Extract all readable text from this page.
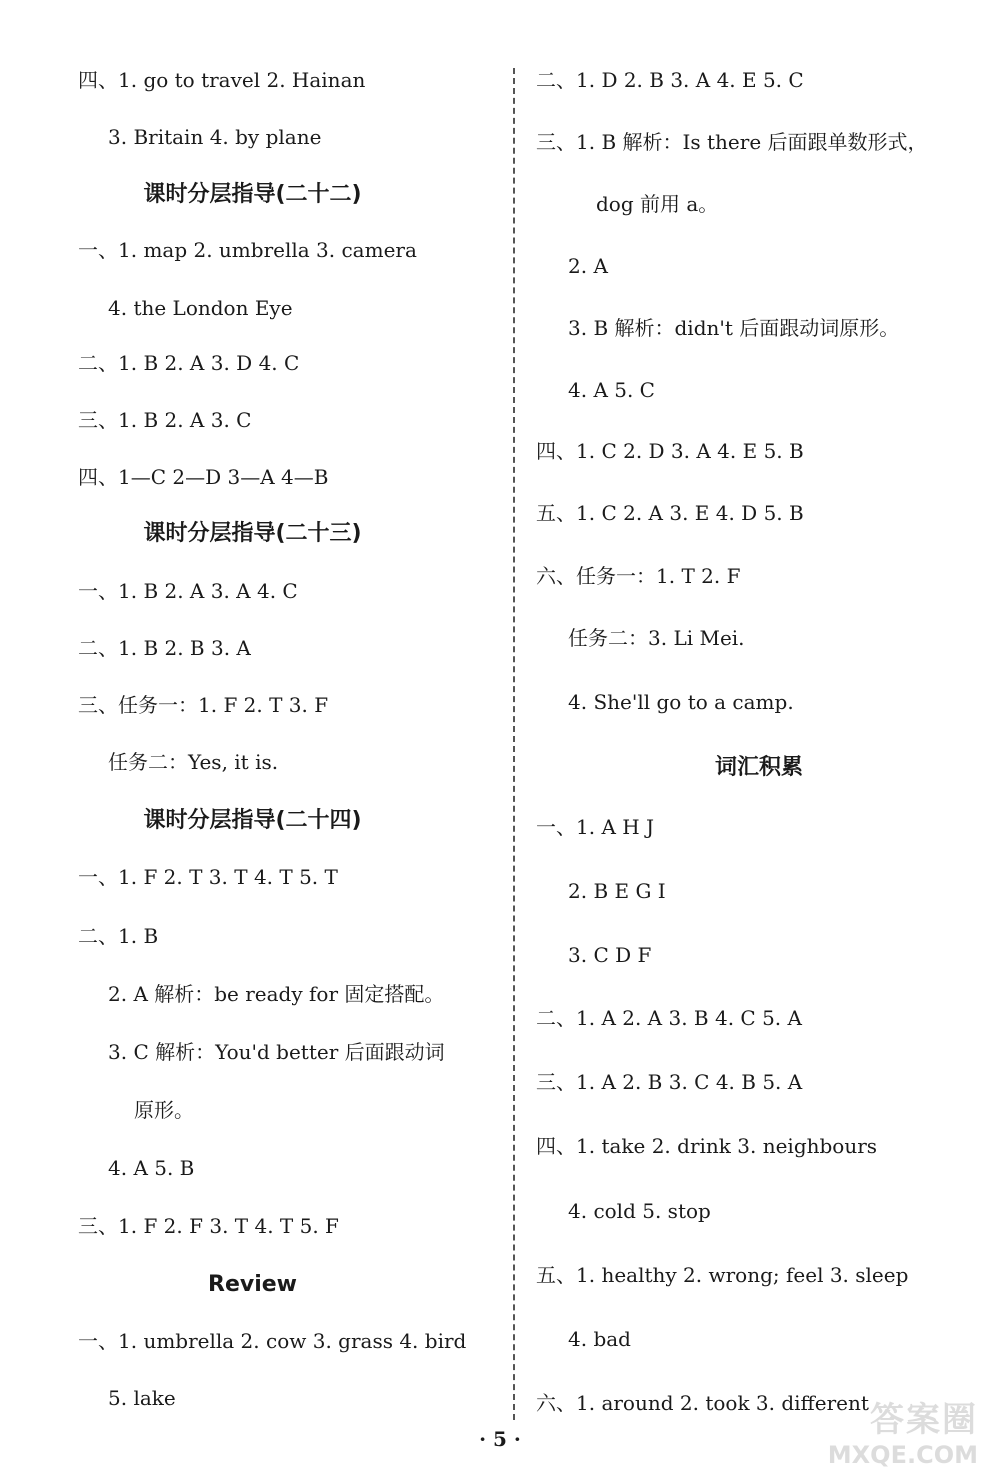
四、1. go to travel 2. Hainan
3. Britain 4. by plane
课时分层指导(二十二)
一、1. map 2. umbrella 3. camera
4. the London Eye
二、1. B 2. A 3. D 4. C
三、1. B 2. A 3. C
四、1—C 2—D 3—A 4—B
课时分层指导(二十三)
一、1. B 2. A 3. A 4. C
二、1. B 2. B 3. A
三、任务一：1. F 2. T 3. F
任务二：Yes, it is.
课时分层指导(二十四)
一、1. F 2. T 3. T 4. T 5. T
二、1. B
2. A 解析：be ready for 固定搭配。
3. C 解析：You'd better 后面跟动词
原形。
4. A 5. B
三、1. F 2. F 3. T 4. T 5. F
Review
一、1. umbrella 2. cow 3. grass 4. bird
5. lake
二、1. D 2. B 3. A 4. E 5. C
三、1. B 解析：Is there 后面跟单数形式，
dog 前用 a。
2. A
3. B 解析：didn't 后面跟动词原形。
4. A 5. C
四、1. C 2. D 3. A 4. E 5. B
五、1. C 2. A 3. E 4. D 5. B
六、任务一：1. T 2. F
任务二：3. Li Mei.
4. She'll go to a camp.
词汇积累
一、1. A H J
2. B E G I
3. C D F
二、1. A 2. A 3. B 4. C 5. A
三、1. A 2. B 3. C 4. B 5. A
四、1. take 2. drink 3. neighbours
4. cold 5. stop
五、1. healthy 2. wrong; feel 3. sleep
4. bad
六、1. around 2. took 3. different
· 5 ·	答案圈
MXQE.COM
